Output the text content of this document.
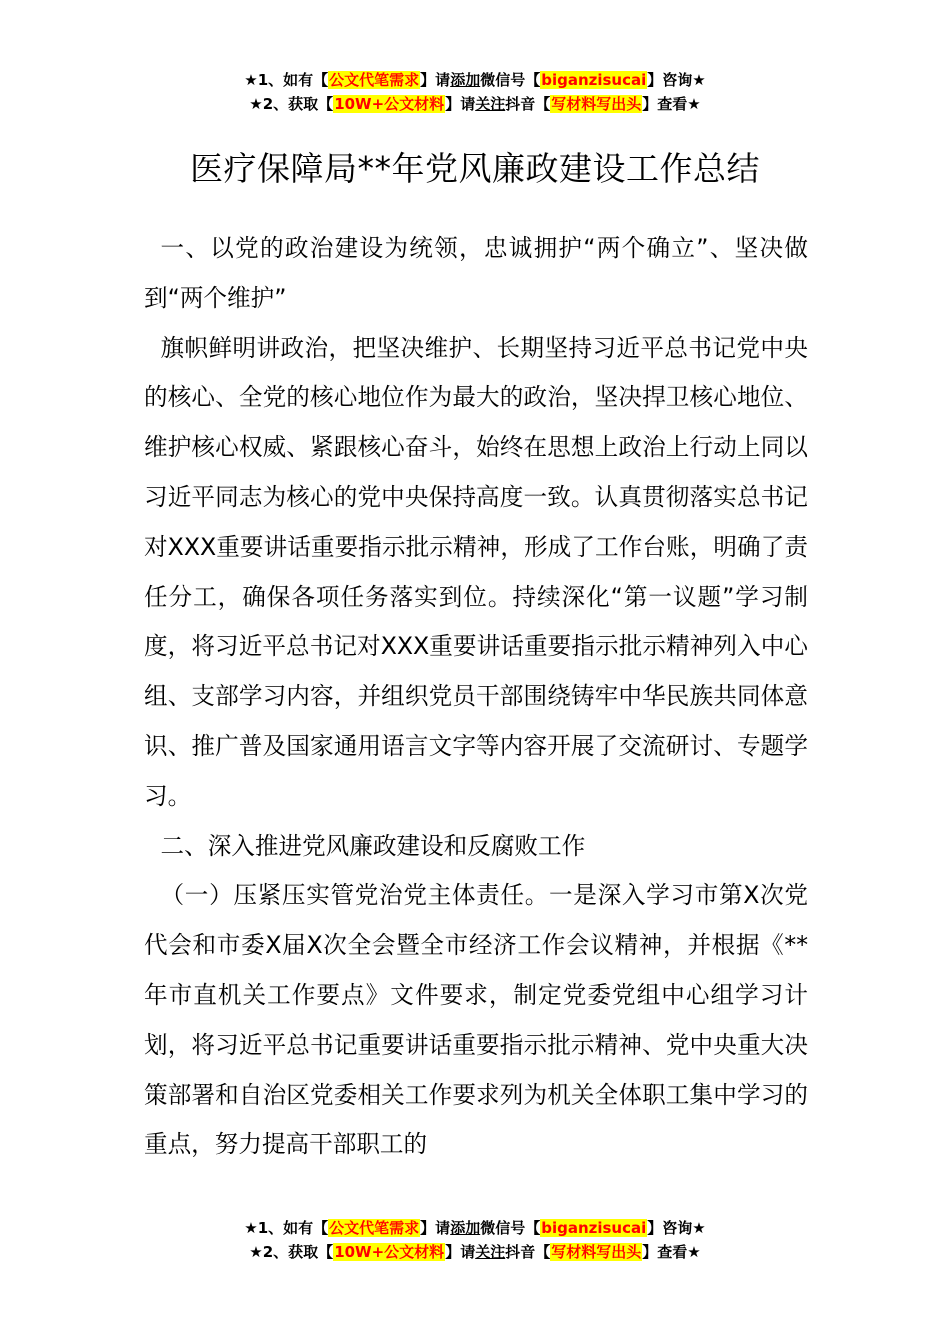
★1、如有【公文代笔需求】请添加微信号【biganzisucai】咨询★
★2、获取【10W+公文材料】请关注抖音【写材料写出头】查看★
医疗保障局**年党风廉政建设工作总结

一、以党的政治建设为统领，忠诚拥护“两个确立”、坚决做到“两个维护”

旗帜鲜明讲政治，把坚决维护、长期坚持习近平总书记党中央的核心、全党的核心地位作为最大的政治，坚决捍卫核心地位、维护核心权威、紧跟核心奋斗，始终在思想上政治上行动上同以习近平同志为核心的党中央保持高度一致。认真贯彻落实总书记对XXX重要讲话重要指示批示精神，形成了工作台账，明确了责任分工，确保各项任务落实到位。持续深化“第一议题”学习制度，将习近平总书记对XXX重要讲话重要指示批示精神列入中心组、支部学习内容，并组织党员干部围绕铸牢中华民族共同体意识、推广普及国家通用语言文字等内容开展了交流研讨、专题学习。

二、深入推进党风廉政建设和反腐败工作

（一）压紧压实管党治党主体责任。一是深入学习市第X次党代会和市委X届X次全会暨全市经济工作会议精神，并根据《**年市直机关工作要点》文件要求，制定党委党组中心组学习计划，将习近平总书记重要讲话重要指示批示精神、党中央重大决策部署和自治区党委相关工作要求列为机关全体职工集中学习的重点，努力提高干部职工的

★1、如有【公文代笔需求】请添加微信号【biganzisucai】咨询★
★2、获取【10W+公文材料】请关注抖音【写材料写出头】查看★
